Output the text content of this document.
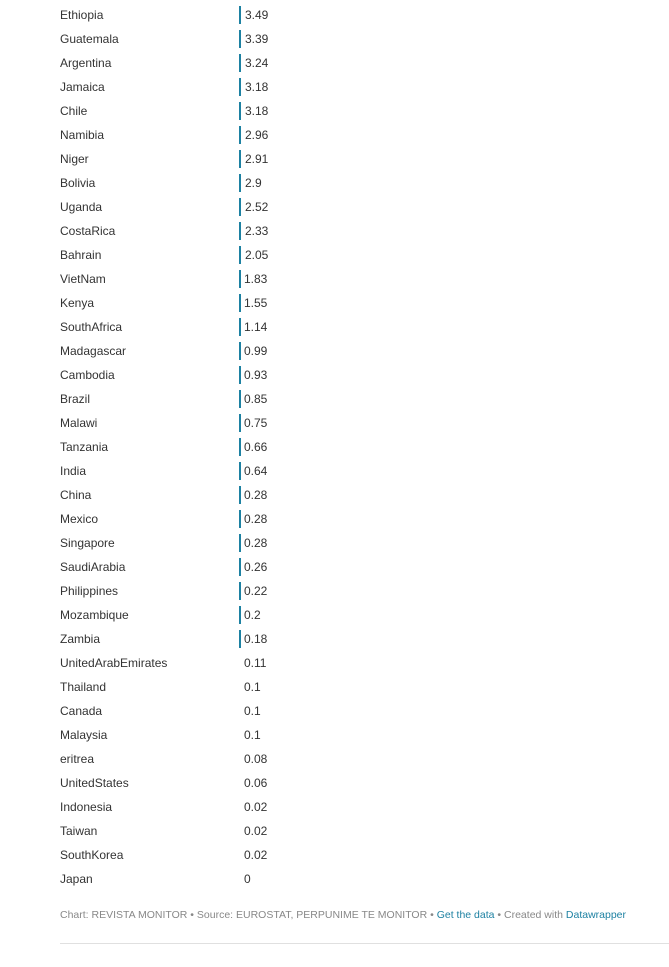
Ethiopia	3.49
Guatemala	3.39
Argentina	3.24
Jamaica	3.18
Chile	3.18
Namibia	2.96
Niger	2.91
Bolivia	2.9
Uganda	2.52
CostaRica	2.33
Bahrain	2.05
VietNam	1.83
Kenya	1.55
SouthAfrica	1.14
Madagascar	0.99
Cambodia	0.93
Brazil	0.85
Malawi	0.75
Tanzania	0.66
India	0.64
China	0.28
Mexico	0.28
Singapore	0.28
SaudiArabia	0.26
Philippines	0.22
Mozambique	0.2
Zambia	0.18
UnitedArabEmirates	0.11
Thailand	0.1
Canada	0.1
Malaysia	0.1
eritrea	0.08
UnitedStates	0.06
Indonesia	0.02
Taiwan	0.02
SouthKorea	0.02
Japan	0
Chart: REVISTA MONITOR • Source: EUROSTAT, PERPUNIME TE MONITOR • Get the data • Created with Datawrapper
